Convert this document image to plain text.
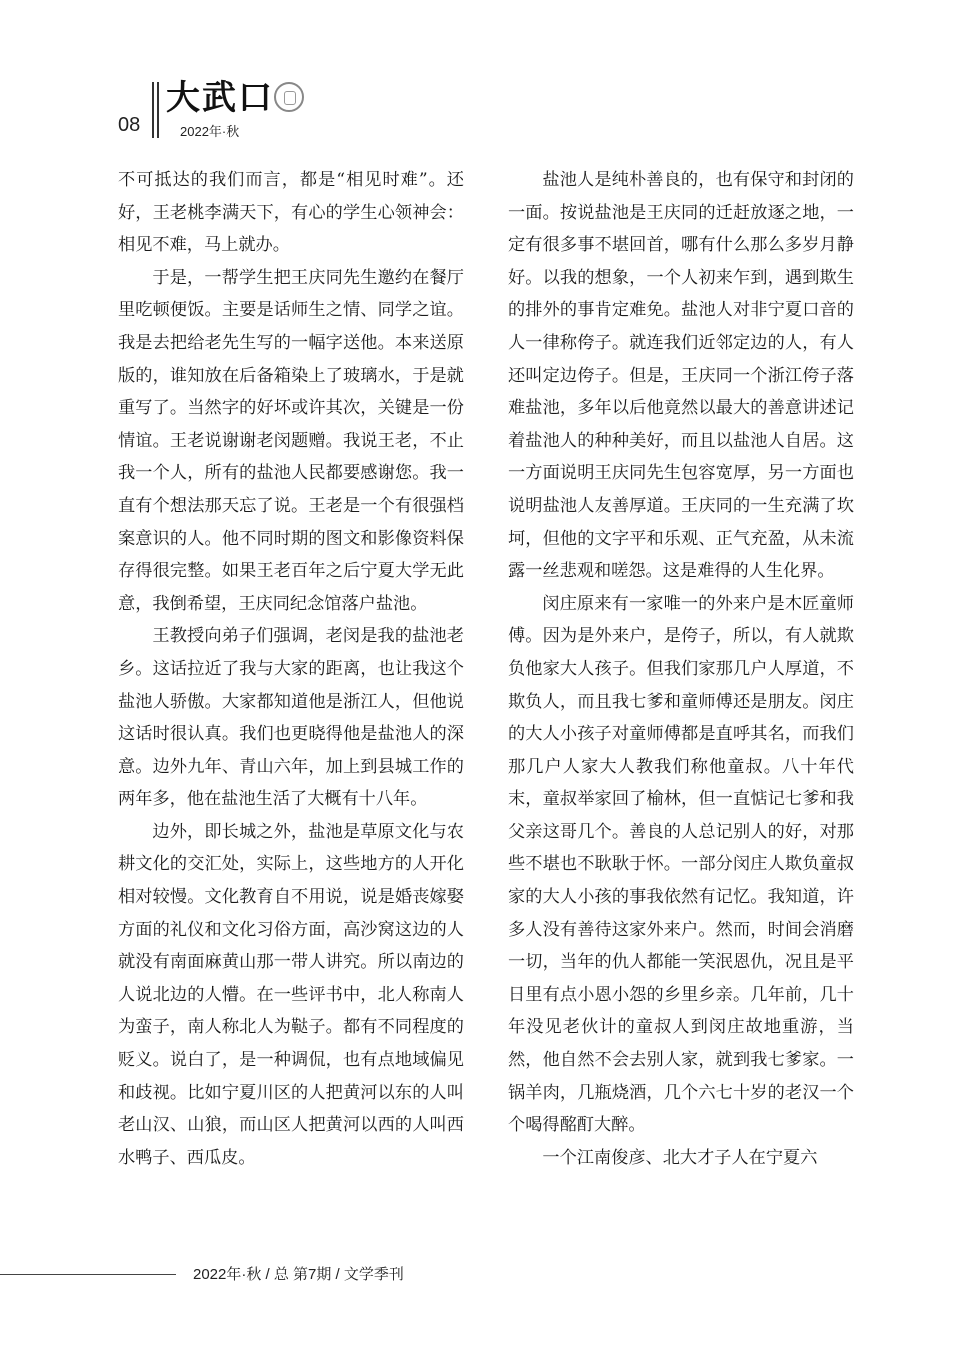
08
大武口
2022年·秋

不可抵达的我们而言，都是“相见时难”。还好，王老桃李满天下，有心的学生心领神会：相见不难，马上就办。

于是，一帮学生把王庆同先生邀约在餐厅里吃顿便饭。主要是话师生之情、同学之谊。我是去把给老先生写的一幅字送他。本来送原版的，谁知放在后备箱染上了玻璃水，于是就重写了。当然字的好坏或许其次，关键是一份情谊。王老说谢谢老闵题赠。我说王老，不止我一个人，所有的盐池人民都要感谢您。我一直有个想法那天忘了说。王老是一个有很强档案意识的人。他不同时期的图文和影像资料保存得很完整。如果王老百年之后宁夏大学无此意，我倒希望，王庆同纪念馆落户盐池。

王教授向弟子们强调，老闵是我的盐池老乡。这话拉近了我与大家的距离，也让我这个盐池人骄傲。大家都知道他是浙江人，但他说这话时很认真。我们也更晓得他是盐池人的深意。边外九年、青山六年，加上到县城工作的两年多，他在盐池生活了大概有十八年。

边外，即长城之外，盐池是草原文化与农耕文化的交汇处，实际上，这些地方的人开化相对较慢。文化教育自不用说，说是婚丧嫁娶方面的礼仪和文化习俗方面，高沙窝这边的人就没有南面麻黄山那一带人讲究。所以南边的人说北边的人懵。在一些评书中，北人称南人为蛮子，南人称北人为鞑子。都有不同程度的贬义。说白了，是一种调侃，也有点地域偏见和歧视。比如宁夏川区的人把黄河以东的人叫老山汉、山狼，而山区人把黄河以西的人叫西水鸭子、西瓜皮。

盐池人是纯朴善良的，也有保守和封闭的一面。按说盐池是王庆同的迁赶放逐之地，一定有很多事不堪回首，哪有什么那么多岁月静好。以我的想象，一个人初来乍到，遇到欺生的排外的事肯定难免。盐池人对非宁夏口音的人一律称侉子。就连我们近邻定边的人，有人还叫定边侉子。但是，王庆同一个浙江侉子落难盐池，多年以后他竟然以最大的善意讲述记着盐池人的种种美好，而且以盐池人自居。这一方面说明王庆同先生包容宽厚，另一方面也说明盐池人友善厚道。王庆同的一生充满了坎坷，但他的文字平和乐观、正气充盈，从未流露一丝悲观和嗟怨。这是难得的人生化界。

闵庄原来有一家唯一的外来户是木匠童师傅。因为是外来户，是侉子，所以，有人就欺负他家大人孩子。但我们家那几户人厚道，不欺负人，而且我七爹和童师傅还是朋友。闵庄的大人小孩子对童师傅都是直呼其名，而我们那几户人家大人教我们称他童叔。八十年代末，童叔举家回了榆林，但一直惦记七爹和我父亲这哥几个。善良的人总记别人的好，对那些不堪也不耿耿于怀。一部分闵庄人欺负童叔家的大人小孩的事我依然有记忆。我知道，许多人没有善待这家外来户。然而，时间会消磨一切，当年的仇人都能一笑泯恩仇，况且是平日里有点小恩小怨的乡里乡亲。几年前，几十年没见老伙计的童叔人到闵庄故地重游，当然，他自然不会去别人家，就到我七爹家。一锅羊肉，几瓶烧酒，几个六七十岁的老汉一个个喝得酩酊大醉。

一个江南俊彦、北大才子人在宁夏六

2022年·秋 / 总 第7期 / 文学季刊
